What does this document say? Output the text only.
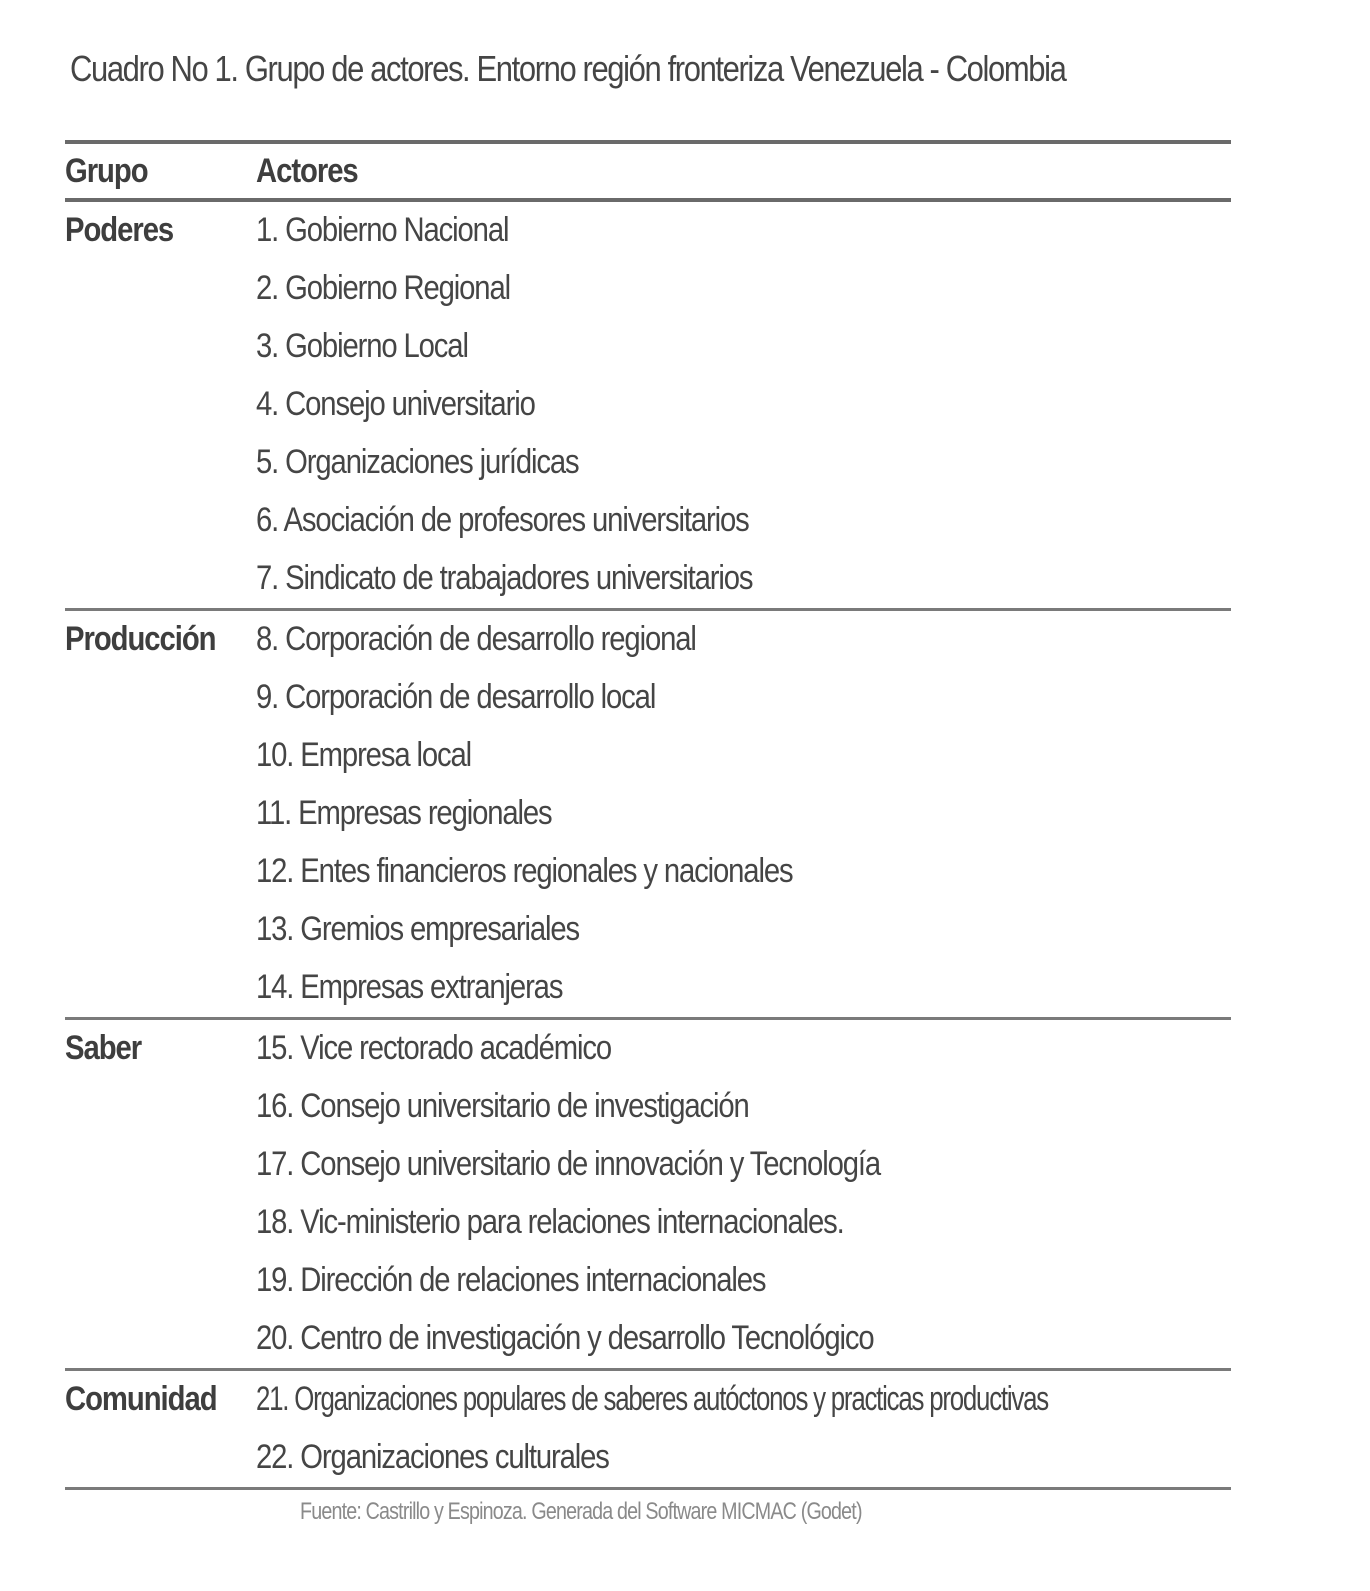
Cuadro No 1. Grupo de actores. Entorno región fronteriza Venezuela - Colombia
Grupo	Actores
Poderes 1. Gobierno Nacional
2. Gobierno Regional
3. Gobierno Local
4. Consejo universitario
5. Organizaciones jurídicas
6. Asociación de profesores universitarios
7. Sindicato de trabajadores universitarios
Producción 8. Corporación de desarrollo regional
9. Corporación de desarrollo local
10. Empresa local
11. Empresas regionales
12. Entes financieros regionales y nacionales
13. Gremios empresariales
14. Empresas extranjeras
Saber	15. Vice rectorado académico
16. Consejo universitario de investigación
17. Consejo universitario de innovación y Tecnología
18. Vic-ministerio para relaciones internacionales.
19. Dirección de relaciones internacionales
20. Centro de investigación y desarrollo Tecnológico
Comunidad 21. Organizaciones populares de saberes autóctonos y practicas productivas
22. Organizaciones culturales
Fuente: Castrillo y Espinoza. Generada del Software MICMAC (Godet)
